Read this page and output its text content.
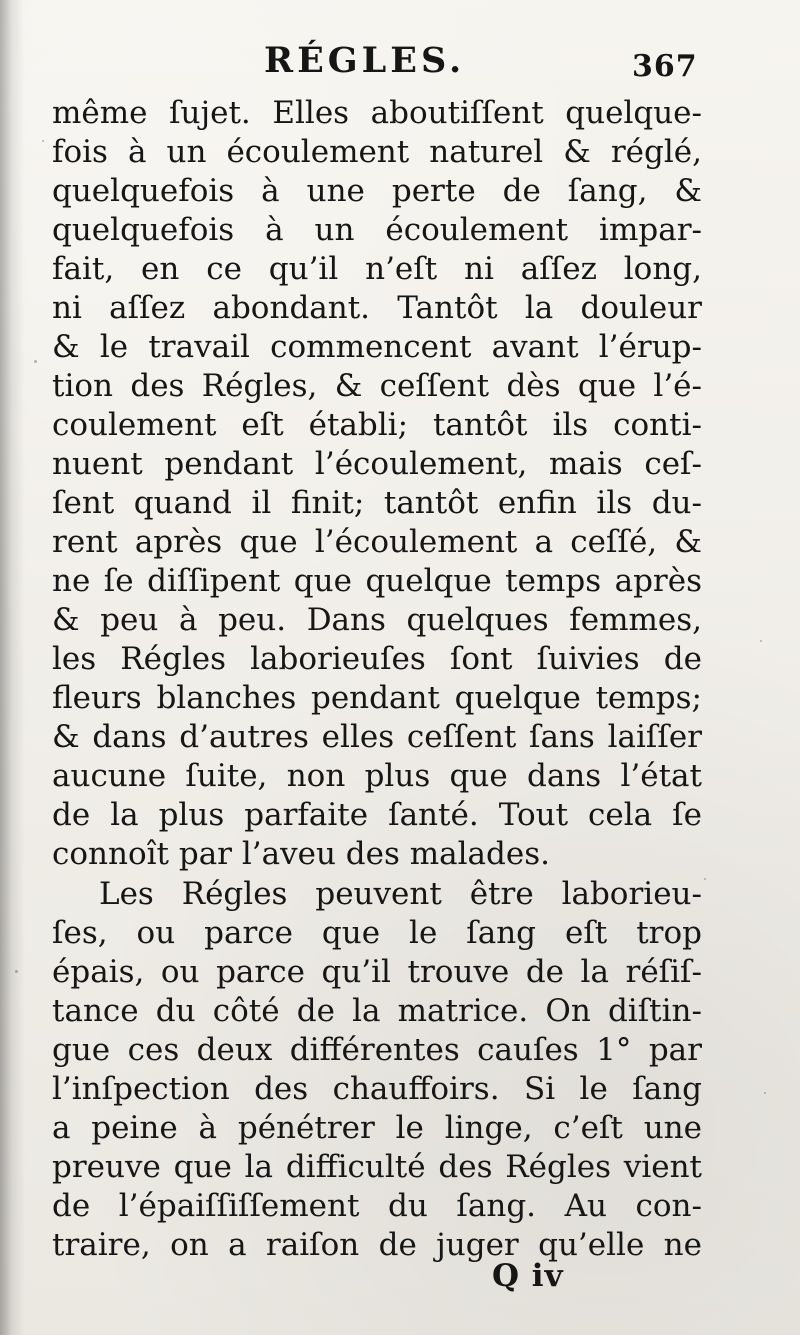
RÉGLES.	367
même ſujet. Elles aboutiſſent quelque-
fois à un écoulement naturel & réglé,
quelquefois à une perte de ſang, &
quelquefois à un écoulement impar-
fait, en ce qu’il n’eſt ni aſſez long,
ni aſſez abondant. Tantôt la douleur
& le travail commencent avant l’érup-
tion des Régles, & ceſſent dès que l’é-
coulement eſt établi; tantôt ils conti-
nuent pendant l’écoulement, mais ceſ-
ſent quand il finit; tantôt enfin ils du-
rent après que l’écoulement a ceſſé, &
ne ſe diſſipent que quelque temps après
& peu à peu. Dans quelques femmes,
les Régles laborieuſes ſont ſuivies de
fleurs blanches pendant quelque temps;
& dans d’autres elles ceſſent ſans laiſſer
aucune ſuite, non plus que dans l’état
de la plus parfaite ſanté. Tout cela ſe
connoît par l’aveu des malades.
Les Régles peuvent être laborieu-
ſes, ou parce que le ſang eſt trop
épais, ou parce qu’il trouve de la réſiſ-
tance du côté de la matrice. On diſtin-
gue ces deux différentes cauſes 1° par
l’inſpection des chauffoirs. Si le ſang
a peine à pénétrer le linge, c’eſt une
preuve que la difficulté des Régles vient
de l’épaiſſiſſement du ſang. Au con-
traire, on a raiſon de juger qu’elle ne
Q iv
